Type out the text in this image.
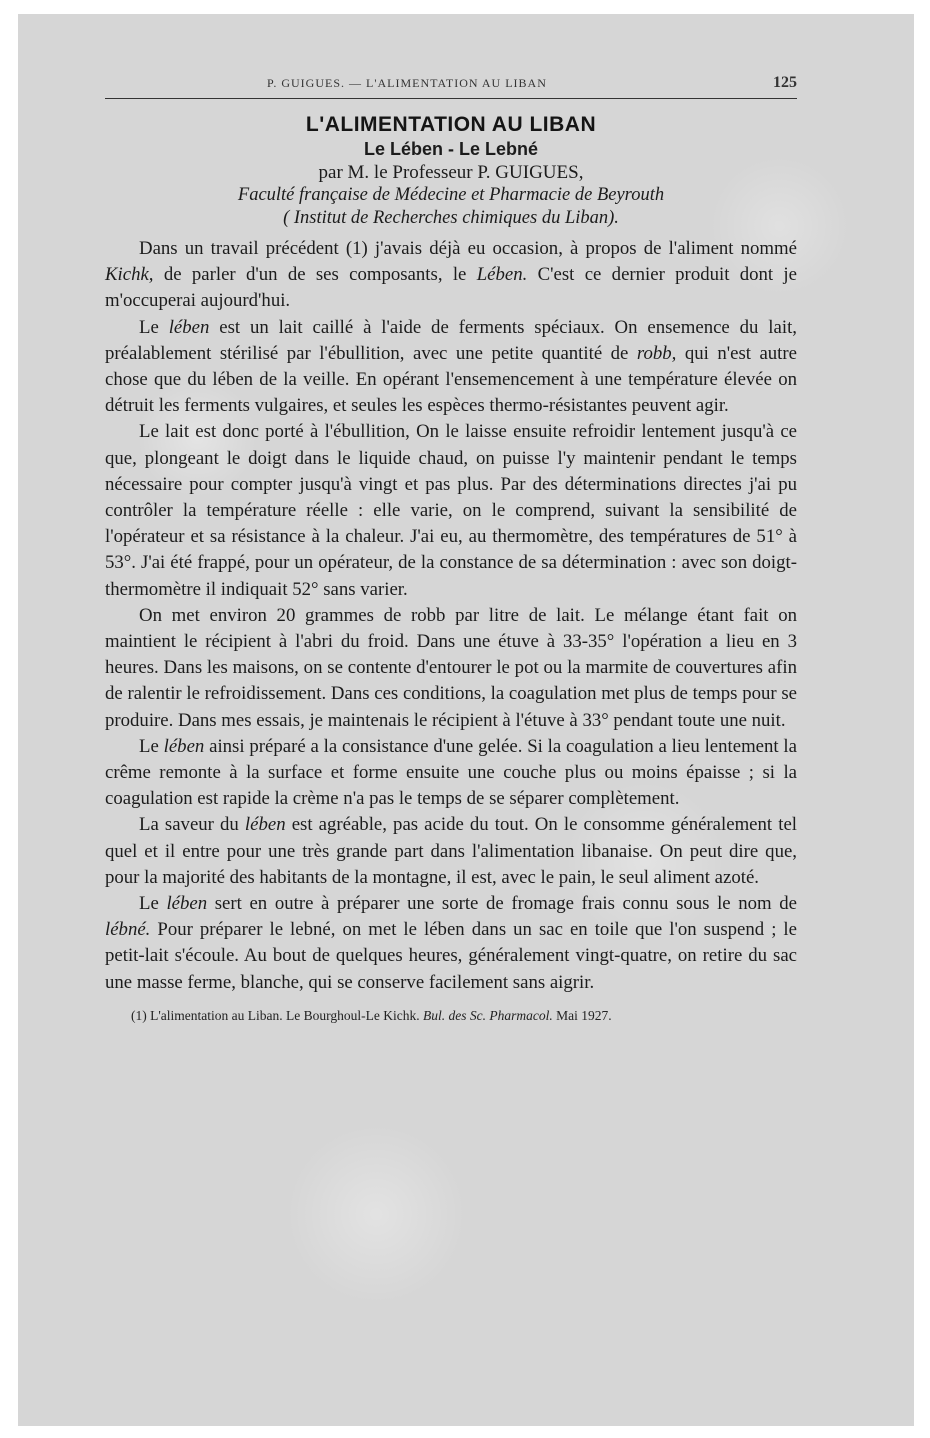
P. GUIGUES. — L'ALIMENTATION AU LIBAN	125
L'ALIMENTATION AU LIBAN
Le Lében - Le Lebné
par M. le Professeur P. GUIGUES,
Faculté française de Médecine et Pharmacie de Beyrouth
( Institut de Recherches chimiques du Liban).

Dans un travail précédent (1) j'avais déjà eu occasion, à propos de l'aliment nommé Kichk, de parler d'un de ses composants, le Lében. C'est ce dernier produit dont je m'occuperai aujourd'hui.

Le lében est un lait caillé à l'aide de ferments spéciaux. On ensemence du lait, préalablement stérilisé par l'ébullition, avec une petite quantité de robb, qui n'est autre chose que du lében de la veille. En opérant l'ensemencement à une température élevée on détruit les ferments vulgaires, et seules les espèces thermo-résistantes peuvent agir.

Le lait est donc porté à l'ébullition, On le laisse ensuite refroidir lentement jusqu'à ce que, plongeant le doigt dans le liquide chaud, on puisse l'y maintenir pendant le temps nécessaire pour compter jusqu'à vingt et pas plus. Par des déterminations directes j'ai pu contrôler la température réelle : elle varie, on le comprend, suivant la sensibilité de l'opérateur et sa résistance à la chaleur. J'ai eu, au thermomètre, des températures de 51° à 53°. J'ai été frappé, pour un opérateur, de la constance de sa détermination : avec son doigt-thermomètre il indiquait 52° sans varier.

On met environ 20 grammes de robb par litre de lait. Le mélange étant fait on maintient le récipient à l'abri du froid. Dans une étuve à 33-35° l'opération a lieu en 3 heures. Dans les maisons, on se contente d'entourer le pot ou la marmite de couvertures afin de ralentir le refroidissement. Dans ces conditions, la coagulation met plus de temps pour se produire. Dans mes essais, je maintenais le récipient à l'étuve à 33° pendant toute une nuit.

Le lében ainsi préparé a la consistance d'une gelée. Si la coagulation a lieu lentement la crême remonte à la surface et forme ensuite une couche plus ou moins épaisse ; si la coagulation est rapide la crème n'a pas le temps de se séparer complètement.

La saveur du lében est agréable, pas acide du tout. On le consomme généralement tel quel et il entre pour une très grande part dans l'alimentation libanaise. On peut dire que, pour la majorité des habitants de la montagne, il est, avec le pain, le seul aliment azoté.

Le lében sert en outre à préparer une sorte de fromage frais connu sous le nom de lébné. Pour préparer le lebné, on met le lében dans un sac en toile que l'on suspend ; le petit-lait s'écoule. Au bout de quelques heures, généralement vingt-quatre, on retire du sac une masse ferme, blanche, qui se conserve facilement sans aigrir.

(1) L'alimentation au Liban. Le Bourghoul-Le Kichk. Bul. des Sc. Pharmacol. Mai 1927.
